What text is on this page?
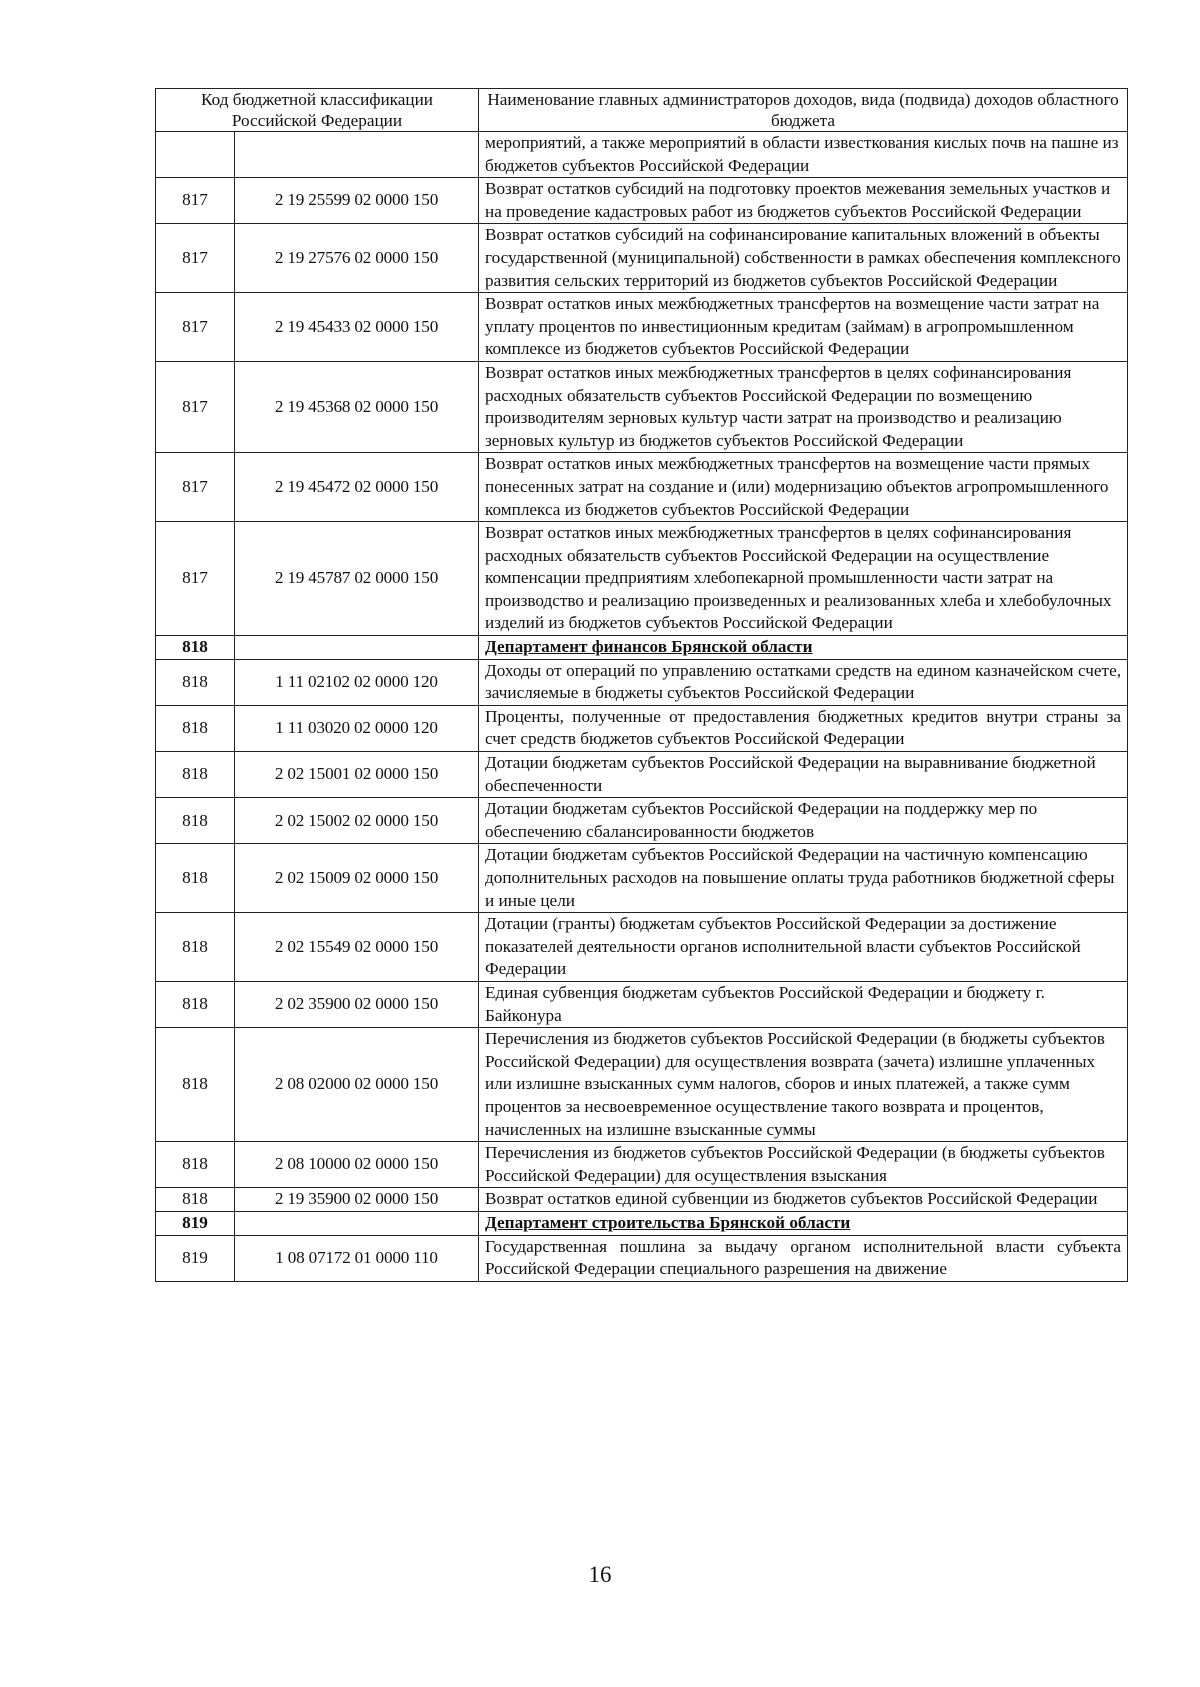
Код бюджетной классификации Российской Федерации		Наименование главных администраторов доходов, вида (подвида) доходов областного бюджета
		мероприятий, а также мероприятий в области известкования кислых почв на пашне из бюджетов субъектов Российской Федерации
817	2 19 25599 02 0000 150	Возврат остатков субсидий на подготовку проектов межевания земельных участков и на проведение кадастровых работ из бюджетов субъектов Российской Федерации
817	2 19 27576 02 0000 150	Возврат остатков субсидий на софинансирование капитальных вложений в объекты государственной (муниципальной) собственности в рамках обеспечения комплексного развития сельских территорий из бюджетов субъектов Российской Федерации
817	2 19 45433 02 0000 150	Возврат остатков иных межбюджетных трансфертов на возмещение части затрат на уплату процентов по инвестиционным кредитам (займам) в агропромышленном комплексе из бюджетов субъектов Российской Федерации
817	2 19 45368 02 0000 150	Возврат остатков иных межбюджетных трансфертов в целях софинансирования расходных обязательств субъектов Российской Федерации по возмещению производителям зерновых культур части затрат на производство и реализацию зерновых культур из бюджетов субъектов Российской Федерации
817	2 19 45472 02 0000 150	Возврат остатков иных межбюджетных трансфертов на возмещение части прямых понесенных затрат на создание и (или) модернизацию объектов агропромышленного комплекса из бюджетов субъектов Российской Федерации
817	2 19 45787 02 0000 150	Возврат остатков иных межбюджетных трансфертов в целях софинансирования расходных обязательств субъектов Российской Федерации на осуществление компенсации предприятиям хлебопекарной промышленности части затрат на производство и реализацию произведенных и реализованных хлеба и хлебобулочных изделий из бюджетов субъектов Российской Федерации
818		Департамент финансов Брянской области
818	1 11 02102 02 0000 120	Доходы от операций по управлению остатками средств на едином казначейском счете, зачисляемые в бюджеты субъектов Российской Федерации
818	1 11 03020 02 0000 120	Проценты, полученные от предоставления бюджетных кредитов внутри страны за счет средств бюджетов субъектов Российской Федерации
818	2 02 15001 02 0000 150	Дотации бюджетам субъектов Российской Федерации на выравнивание бюджетной обеспеченности
818	2 02 15002 02 0000 150	Дотации бюджетам субъектов Российской Федерации на поддержку мер по обеспечению сбалансированности бюджетов
818	2 02 15009 02 0000 150	Дотации бюджетам субъектов Российской Федерации на частичную компенсацию дополнительных расходов на повышение оплаты труда работников бюджетной сферы и иные цели
818	2 02 15549 02 0000 150	Дотации (гранты) бюджетам субъектов Российской Федерации за достижение показателей деятельности органов исполнительной власти субъектов Российской Федерации
818	2 02 35900 02 0000 150	Единая субвенция бюджетам субъектов Российской Федерации и бюджету г. Байконура
818	2 08 02000 02 0000 150	Перечисления из бюджетов субъектов Российской Федерации (в бюджеты субъектов Российской Федерации) для осуществления возврата (зачета) излишне уплаченных или излишне взысканных сумм налогов, сборов и иных платежей, а также сумм процентов за несвоевременное осуществление такого возврата и процентов, начисленных на излишне взысканные суммы
818	2 08 10000 02 0000 150	Перечисления из бюджетов субъектов Российской Федерации (в бюджеты субъектов Российской Федерации) для осуществления взыскания
818	2 19 35900 02 0000 150	Возврат остатков единой субвенции из бюджетов субъектов Российской Федерации
819		Департамент строительства Брянской области
819	1 08 07172 01 0000 110	Государственная пошлина за выдачу органом исполнительной власти субъекта Российской Федерации специального разрешения на движение
16
